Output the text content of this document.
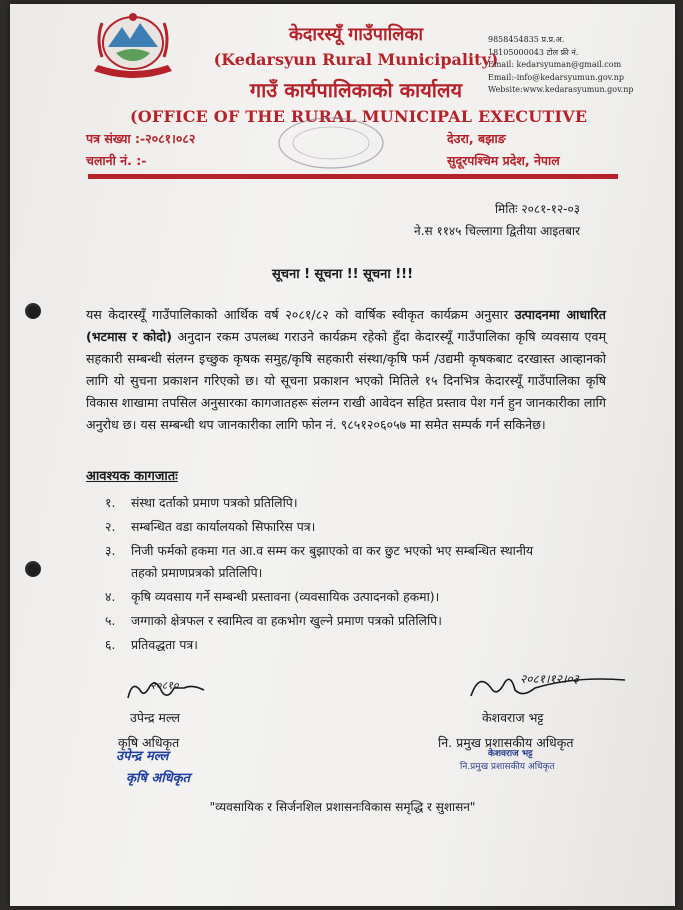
केदारस्यूँ गाउँपालिका
(Kedarsyun Rural Municipality)
गाउँ कार्यपालिकाको कार्यालय
9858454835 प्र.प्र.अ.
18105000043 टोल फ्री नं.
Email: kedarsyuman@gmail.com
Email:-info@kedarsyumun.gov.np
Website:www.kedarasyumun.gov.np
(OFFICE OF THE RURAL MUNICIPAL EXECUTIVE
पत्र संख्या :-२०८१।०८२
चलानी नं. :-
देउरा, बझाङ
सुदूरपश्चिम प्रदेश, नेपाल
मितिः २०८१-१२-०३
ने.स ११४५ चिल्लागा द्वितीया आइतबार
सूचना ! सूचना !! सूचना !!!
यस केदारस्यूँ गाउँपालिकाको आर्थिक वर्ष २०८१/८२ को वार्षिक स्वीकृत कार्यक्रम अनुसार उत्पादनमा आधारित (भटमास र कोदो) अनुदान रकम उपलब्ध गराउने कार्यक्रम रहेको हुँदा केदारस्यूँ गाउँपालिका कृषि व्यवसाय एवम् सहकारी सम्बन्धी संलग्न इच्छुक कृषक समुह/कृषि सहकारी संस्था/कृषि फर्म /उद्यमी कृषकबाट दरखास्त आव्हानको लागि यो सुचना प्रकाशन गरिएको छ। यो सूचना प्रकाशन भएको मितिले १५ दिनभित्र केदारस्यूँ गाउँपालिका कृषि विकास शाखामा तपसिल अनुसारका कागजातहरू संलग्न राखी आवेदन सहित प्रस्ताव पेश गर्न हुन जानकारीका लागि अनुरोध छ। यस सम्बन्धी थप जानकारीका लागि फोन नं. ९८५१२०६०५७ मा समेत सम्पर्क गर्न सकिनेछ।
आवश्यक कागजातः
१. संस्था दर्ताको प्रमाण पत्रको प्रतिलिपि।
२. सम्बन्धित वडा कार्यालयको सिफारिस पत्र।
३. निजी फर्मको हकमा गत आ.व सम्म कर बुझाएको वा कर छुट भएको भए सम्बन्धित स्थानीय
तहको प्रमाणप्रत्रको प्रतिलिपि।
४. कृषि व्यवसाय गर्ने सम्बन्धी प्रस्तावना (व्यवसायिक उत्पादनको हकमा)।
५. जग्गाको क्षेत्रफल र स्वामित्व वा हकभोग खुल्ने प्रमाण पत्रको प्रतिलिपि।
६. प्रतिवद्धता पत्र।
२०८१०
उपेन्द्र मल्ल
कृषि अधिकृत
उपेन्द्र मल्ल
कृषि अधिकृत
२०८१।१२।०३
केशवराज भट्ट
नि. प्रमुख प्रशासकीय अधिकृत
केशवराज भट्ट
नि.प्रमुख प्रशासकीय अधिकृत
"व्यवसायिक र सिर्जनशिल प्रशासनःविकास समृद्धि र सुशासन"
